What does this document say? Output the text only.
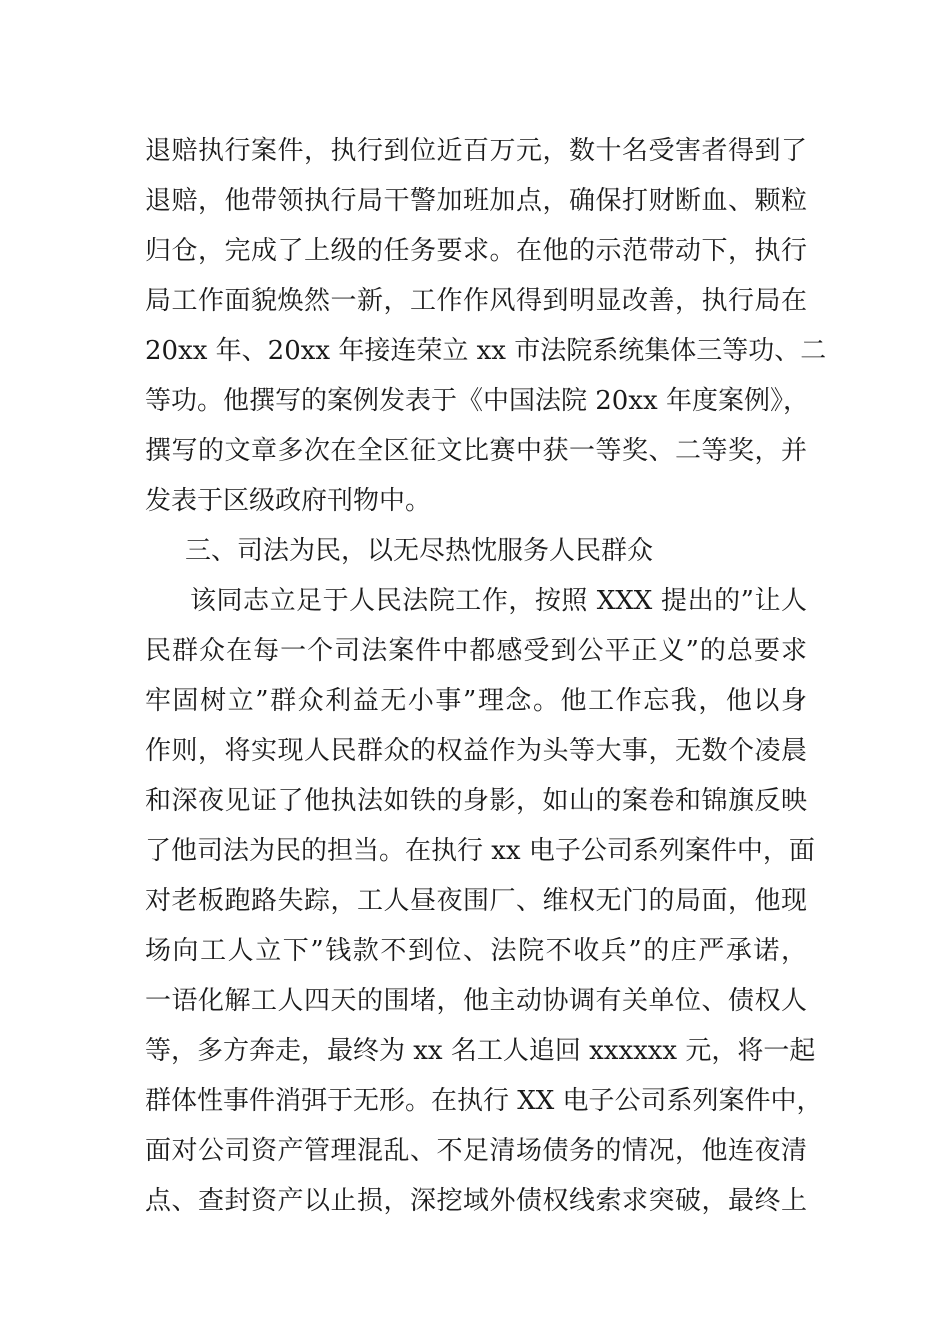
退赔执行案件，执行到位近百万元，数十名受害者得到了
退赔，他带领执行局干警加班加点，确保打财断血、颗粒
归仓，完成了上级的任务要求。在他的示范带动下，执行
局工作面貌焕然一新，工作作风得到明显改善，执行局在
20xx 年、20xx 年接连荣立 xx 市法院系统集体三等功、二
等功。他撰写的案例发表于《中国法院 20xx 年度案例》，
撰写的文章多次在全区征文比赛中获一等奖、二等奖，并
发表于区级政府刊物中。
三、司法为民，以无尽热忱服务人民群众
该同志立足于人民法院工作，按照 XXX 提出的”让人
民群众在每一个司法案件中都感受到公平正义”的总要求
牢固树立”群众利益无小事”理念。他工作忘我，他以身
作则，将实现人民群众的权益作为头等大事，无数个凌晨
和深夜见证了他执法如铁的身影，如山的案卷和锦旗反映
了他司法为民的担当。在执行 xx 电子公司系列案件中，面
对老板跑路失踪，工人昼夜围厂、维权无门的局面，他现
场向工人立下”钱款不到位、法院不收兵”的庄严承诺，
一语化解工人四天的围堵，他主动协调有关单位、债权人
等，多方奔走，最终为 xx 名工人追回 xxxxxx 元，将一起
群体性事件消弭于无形。在执行 XX 电子公司系列案件中，
面对公司资产管理混乱、不足清场债务的情况，他连夜清
点、查封资产以止损，深挖域外债权线索求突破，最终上
